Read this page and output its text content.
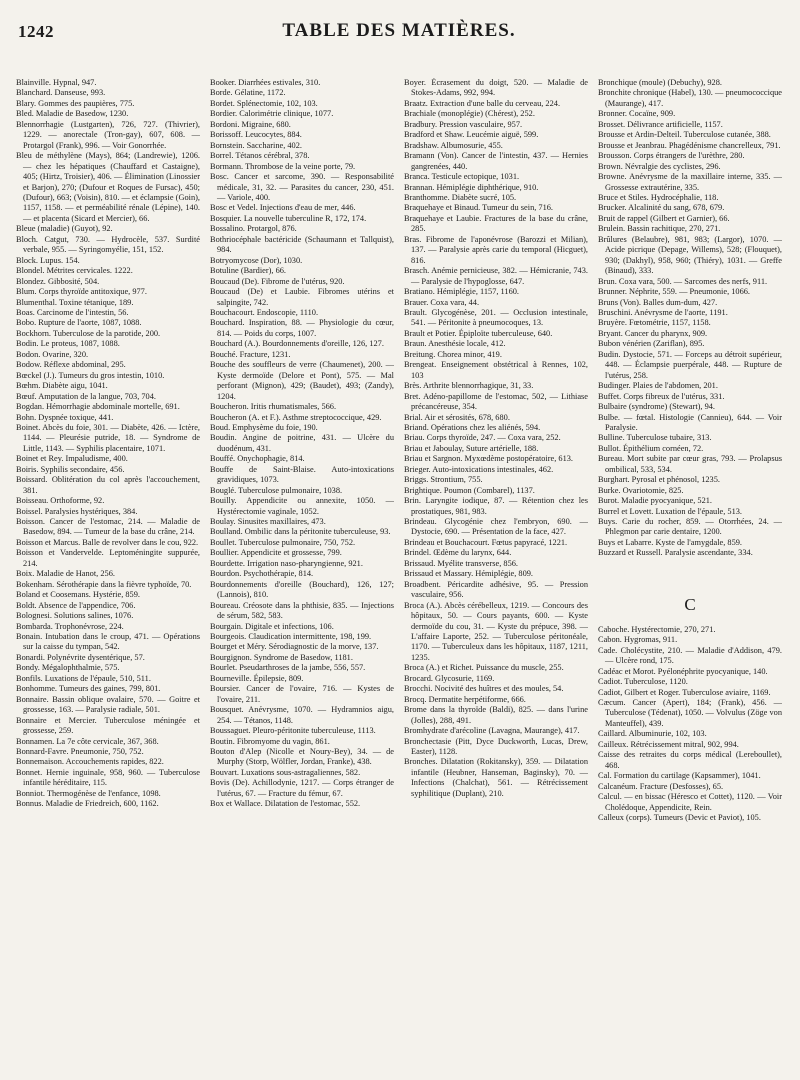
1242	TABLE DES MATIÈRES.

Blainville. Hypnal, 947.

Blanchard. Danseuse, 993.

Blary. Gommes des paupières, 775.

Bled. Maladie de Basedow, 1230.

Blennorrhagie (Lustgarten), 726, 727. (Thivrier), 1229. — anorectale (Tron-gay), 607, 608. — Protargol (Frank), 996. — Voir Gonorrhée.

Bleu de méthylène (Mays), 864; (Landrewie), 1206. — chez les hépatiques (Chauffard et Castaigne), 405; (Hirtz, Troisier), 406. — Élimination (Linossier et Barjon), 270; (Dufour et Roques de Fursac), 450; (Dufour), 663; (Voisin), 810. — et éclampsie (Goin), 1157, 1158. — et perméabilité rénale (Lépine), 140. — et placenta (Sicard et Mercier), 66.

Bleue (maladie) (Guyot), 92.

Bloch. Catgut, 730. — Hydrocèle, 537. Surdité verbale, 955. — Syringomyélie, 151, 152.

Block. Lupus. 154.

Blondel. Métrites cervicales. 1222.

Blondez. Gibbosité, 504.

Blum. Corps thyroïde antitoxique, 977.

Blumenthal. Toxine tétanique, 189.

Boas. Carcinome de l'intestin, 56.

Bobo. Rupture de l'aorte, 1087, 1088.

Bockhorn. Tuberculose de la parotide, 200.

Bodin. Le proteus, 1087, 1088.

Bodon. Ovarine, 320.

Bodow. Réflexe abdominal, 295.

Bœckel (J.). Tumeurs du gros intestin, 1010.

Bœhm. Diabète aigu, 1041.

Bœuf. Amputation de la langue, 703, 704.

Bogdan. Hémorrhagie abdominale mortelle, 691.

Bohn. Dyspnée toxique, 441.

Boinet. Abcès du foie, 301. — Diabète, 426. — Ictère, 1144. — Pleurésie putride, 18. — Syndrome de Little, 1143. — Syphilis placentaire, 1071.

Boinet et Rey. Impaludisme, 400.

Boiris. Syphilis secondaire, 456.

Boissard. Oblitération du col après l'accouchement, 381.

Boisseau. Orthoforme, 92.

Boissel. Paralysies hystériques, 384.

Boisson. Cancer de l'estomac, 214. — Maladie de Basedow, 894. — Tumeur de la base du crâne, 214.

Boisson et Marcus. Balle de revolver dans le cou, 922.

Boisson et Vandervelde. Leptoméningite suppurée, 214.

Boix. Maladie de Hanot, 256.

Bokenham. Sérothérapie dans la fièvre typhoïde, 70.

Boland et Coosemans. Hystérie, 859.

Boldt. Absence de l'appendice, 706.

Bolognesi. Solutions salines, 1076.

Bombarda. Trophonévrose, 224.

Bonain. Intubation dans le croup, 471. — Opérations sur la caisse du tympan, 542.

Bonardi. Polynévrite dysentérique, 57.

Bondy. Mégalophthalmie, 575.

Bonfils. Luxations de l'épaule, 510, 511.

Bonhomme. Tumeurs des gaines, 799, 801.

Bonnaire. Bassin oblique ovalaire, 570. — Goitre et grossesse, 163. — Paralysie radiale, 501.

Bonnaire et Mercier. Tuberculose méningée et grossesse, 259.

Bonnamen. La 7e côte cervicale, 367, 368.

Bonnard-Favre. Pneumonie, 750, 752.

Bonnemaison. Accouchements rapides, 822.

Bonnet. Hernie inguinale, 958, 960. — Tuberculose infantile héréditaire, 115.

Bonniot. Thermogénèse de l'enfance, 1098.

Bonnus. Maladie de Friedreich, 600, 1162.

Booker. Diarrhées estivales, 310.

Borde. Gélatine, 1172.

Bordet. Splénectomie, 102, 103.

Bordier. Calorimétrie clinique, 1077.

Bordoni. Migraine, 680.

Borissoff. Leucocytes, 884.

Bornstein. Saccharine, 402.

Borrel. Tétanos cérébral, 378.

Bormann. Thrombose de la veine porte, 79.

Bosc. Cancer et sarcome, 390. — Responsabilité médicale, 31, 32. — Parasites du cancer, 230, 451. — Variole, 400.

Bosc et Vedel. Injections d'eau de mer, 446.

Bosquier. La nouvelle tuberculine R, 172, 174.

Bossalino. Protargol, 876.

Bothriocéphale bactéricide (Schaumann et Tallquist), 984.

Botryomycose (Dor), 1030.

Botuline (Bardier), 66.

Boucaud (De). Fibrome de l'utérus, 920.

Boucaud (De) et Laubie. Fibromes utérins et salpingite, 742.

Bouchacourt. Endoscopie, 1110.

Bouchard. Inspiration, 88. — Physiologie du cœur, 814. — Poids du corps, 1007.

Bouchard (A.). Bourdonnements d'oreille, 126, 127.

Bouché. Fracture, 1231.

Bouche des souffleurs de verre (Chaumenet), 200. — Kyste dermoïde (Delore et Pont), 575. — Mal perforant (Mignon), 429; (Baudet), 493; (Zandy), 1204.

Boucheron. Iritis rhumatismales, 566.

Boucheron (A. et F.). Asthme streptococcique, 429.

Boud. Emphysème du foie, 190.

Boudin. Angine de poitrine, 431. — Ulcère du duodénum, 431.

Bouffé. Onychophagie, 814.

Bouffe de Saint-Blaise. Auto-intoxications gravidiques, 1073.

Bouglé. Tuberculose pulmonaire, 1038.

Bouilly. Appendicite ou annexite, 1050. — Hystérectomie vaginale, 1052.

Boulay. Sinusites maxillaires, 473.

Boulland. Ombilic dans la péritonite tuberculeuse, 93.

Boullet. Tuberculose pulmonaire, 750, 752.

Boullier. Appendicite et grossesse, 799.

Bourdette. Irrigation naso-pharyngienne, 921.

Bourdon. Psychothérapie, 814.

Bourdonnements d'oreille (Bouchard), 126, 127; (Lannois), 810.

Boureau. Créosote dans la phthisie, 835. — Injections de sérum, 582, 583.

Bourgain. Digitale et infections, 106.

Bourgeois. Claudication intermittente, 198, 199.

Bourget et Méry. Sérodiagnostic de la morve, 137.

Bourgignon. Syndrome de Basedow, 1181.

Bourlet. Pseudarthroses de la jambe, 556, 557.

Bourneville. Épilepsie, 809.

Boursier. Cancer de l'ovaire, 716. — Kystes de l'ovaire, 211.

Bousquet. Anévrysme, 1070. — Hydramnios aigu, 254. — Tétanos, 1148.

Boussaguet. Pleuro-péritonite tuberculeuse, 1113.

Boutin. Fibromyome du vagin, 861.

Bouton d'Alep (Nicolle et Noury-Bey), 34. — de Murphy (Storp, Wölfler, Jordan, Franke), 438.

Bouvart. Luxations sous-astragaliennes, 582.

Bovis (De). Achillodynie, 1217. — Corps étranger de l'utérus, 67. — Fracture du fémur, 67.

Box et Wallace. Dilatation de l'estomac, 552.

Boyer. Écrasement du doigt, 520. — Maladie de Stokes-Adams, 992, 994.

Braatz. Extraction d'une balle du cerveau, 224.

Brachiale (monoplégie) (Chérest), 252.

Bradbury. Pression vasculaire, 957.

Bradford et Shaw. Leucémie aiguë, 599.

Bradshaw. Albumosurie, 455.

Bramann (Von). Cancer de l'intestin, 437. — Hernies gangrenées, 440.

Branca. Testicule ectopique, 1031.

Brannan. Hémiplégie diphthérique, 910.

Branthomme. Diabète sucré, 105.

Braquehaye et Binaud. Tumeur du sein, 716.

Braquehaye et Laubie. Fractures de la base du crâne, 285.

Bras. Fibrome de l'aponévrose (Barozzi et Milian), 137. — Paralysie après carie du temporal (Hicguet), 816.

Brasch. Anémie pernicieuse, 382. — Hémicranie, 743. — Paralysie de l'hypoglosse, 647.

Bratiano. Hémiplégie, 1157, 1160.

Brauer. Coxa vara, 44.

Brault. Glycogénèse, 201. — Occlusion intestinale, 541. — Péritonite à pneumocoques, 13.

Brault et Potier. Épiploïte tuberculeuse, 640.

Braun. Anesthésie locale, 412.

Breitung. Chorea minor, 419.

Brengeat. Enseignement obstétrical à Rennes, 102, 103

Brès. Arthrite blennorrhagique, 31, 33.

Bret. Adéno-papillome de l'estomac, 502, — Lithiase précancéreuse, 354.

Brial. Air et sérosités, 678, 680.

Briand. Opérations chez les aliénés, 594.

Briau. Corps thyroïde, 247. — Coxa vara, 252.

Briau et Jaboulay, Suture artérielle, 188.

Briau et Sargnon. Myxœdème postopératoire, 613.

Brieger. Auto-intoxications intestinales, 462.

Briggs. Strontium, 755.

Brightique. Poumon (Combarel), 1137.

Brin. Laryngite iodique, 87. — Rétention chez les prostatiques, 981, 983.

Brindeau. Glycogénie chez l'embryon, 690. — Dystocie, 690. — Présentation de la face, 427.

Brindeau et Bouchacourt. Fœtus papyracé, 1221.

Brindel. Œdème du larynx, 644.

Brissaud. Myélite transverse, 856.

Brissaud et Massary. Hémiplégie, 809.

Broadbent. Péricardite adhésive, 95. — Pression vasculaire, 956.

Broca (A.). Abcès cérébelleux, 1219. — Concours des hôpitaux, 50. — Cours payants, 600. — Kyste dermoïde du cou, 31. — Kyste du prépuce, 398. — L'affaire Laporte, 252. — Tuberculose péritonéale, 1170. — Tuberculeux dans les hôpitaux, 1187, 1211, 1235.

Broca (A.) et Richet. Puissance du muscle, 255.

Brocard. Glycosurie, 1169.

Brocchi. Nocivité des huîtres et des moules, 54.

Brocq. Dermatite herpétiforme, 666.

Brome dans la thyroïde (Baldi), 825. — dans l'urine (Jolles), 288, 491.

Bromhydrate d'arécoline (Lavagna, Maurange), 417.

Bronchectasie (Pitt, Dyce Duckworth, Lucas, Drew, Easter), 1128.

Bronches. Dilatation (Rokitansky), 359. — Dilatation infantile (Heubner, Hanseman, Baginsky), 70. — Infections (Chalchat), 561. — Rétrécissement syphilitique (Duplant), 210.

Bronchique (moule) (Debuchy), 928.

Bronchite chronique (Habel), 130. — pneumococcique (Maurange), 417.

Bronner. Cocaïne, 909.

Brosset. Délivrance artificielle, 1157.

Brousse et Ardin-Delteil. Tuberculose cutanée, 388.

Brousse et Jeanbrau. Phagédénisme chancrelleux, 791.

Brousson. Corps étrangers de l'urèthre, 280.

Brown. Névralgie des cyclistes, 296.

Browne. Anévrysme de la maxillaire interne, 335. — Grossesse extrautérine, 335.

Bruce et Stiles. Hydrocéphalie, 118.

Brucker. Alcalinité du sang, 678, 679.

Bruit de rappel (Gilbert et Garnier), 66.

Brulein. Bassin rachitique, 270, 271.

Brûlures (Belaubre), 981, 983; (Largor), 1070. — Acide picrique (Depage, Willems), 528; (Flouquet), 930; (Dakhyl), 958, 960; (Thiéry), 1031. — Greffe (Binaud), 333.

Brun. Coxa vara, 500. — Sarcomes des nerfs, 911.

Brunner. Néphrite, 559. — Pneumonie, 1066.

Bruns (Von). Balles dum-dum, 427.

Bruschini. Anévrysme de l'aorte, 1191.

Bruyère. Fœtométrie, 1157, 1158.

Bryant. Cancer du pharynx, 909.

Bubon vénérien (Zariflan), 895.

Budin. Dystocie, 571. — Forceps au détroit supérieur, 448. — Éclampsie puerpérale, 448. — Rupture de l'utérus, 258.

Budinger. Plaies de l'abdomen, 201.

Buffet. Corps fibreux de l'utérus, 331.

Bulbaire (syndrome) (Stewart), 94.

Bulbe. — fœtal. Histologie (Cannieu), 644. — Voir Paralysie.

Bulline. Tuberculose tubaire, 313.

Bullot. Épithélium cornéen, 72.

Bureau. Mort subite par cœur gras, 793. — Prolapsus ombilical, 533, 534.

Burghart. Pyrosal et phénosol, 1235.

Burke. Ovariotomie, 825.

Burot. Maladie pyocyanique, 521.

Burrel et Lovett. Luxation de l'épaule, 513.

Buys. Carie du rocher, 859. — Otorrhées, 24. — Phlegmon par carie dentaire, 1200.

Buys et Labarre. Kyste de l'amygdale, 859.

Buzzard et Russell. Paralysie ascendante, 334.

C

Caboche. Hystérectomie, 270, 271.

Cabon. Hygromas, 911.

Cade. Cholécystite, 210. — Maladie d'Addison, 479. — Ulcère rond, 175.

Cadéac et Morot. Pyélonéphrite pyocyanique, 140.

Cadiot. Tuberculose, 1120.

Cadiot, Gilbert et Roger. Tuberculose aviaire, 1169.

Cæcum. Cancer (Apert), 184; (Frank), 456. — Tuberculose (Tédenat), 1050. — Volvulus (Zöge von Manteuffel), 439.

Caillard. Albuminurie, 102, 103.

Cailleux. Rétrécissement mitral, 902, 994.

Caisse des retraites du corps médical (Lereboullet), 468.

Cal. Formation du cartilage (Kapsammer), 1041.

Calcanéum. Fracture (Desfosses), 65.

Calcul. — en bissac (Héresco et Cottet), 1120. — Voir Cholédoque, Appendicite, Rein.

Calleux (corps). Tumeurs (Devic et Paviot), 105.
